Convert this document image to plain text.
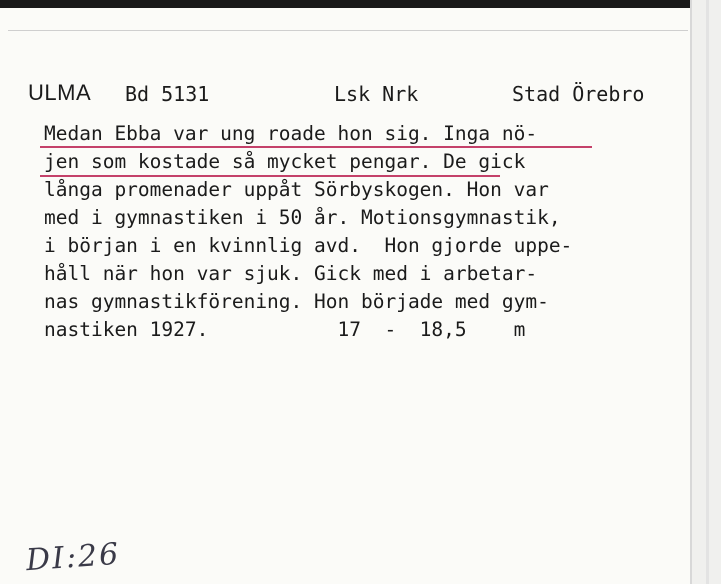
ULMA Bd 5131	Lsk Nrk	Stad Örebro
Medan Ebba var ung roade hon sig. Inga nö-
jen som kostade så mycket pengar. De gick
långa promenader uppåt Sörbyskogen. Hon var
med i gymnastiken i 50 år. Motionsgymnastik,
i början i en kvinnlig avd.  Hon gjorde uppe-
håll när hon var sjuk. Gick med i arbetar-
nas gymnastikförening. Hon började med gym-
nastiken 1927.           17  -  18,5    m
DI:26
